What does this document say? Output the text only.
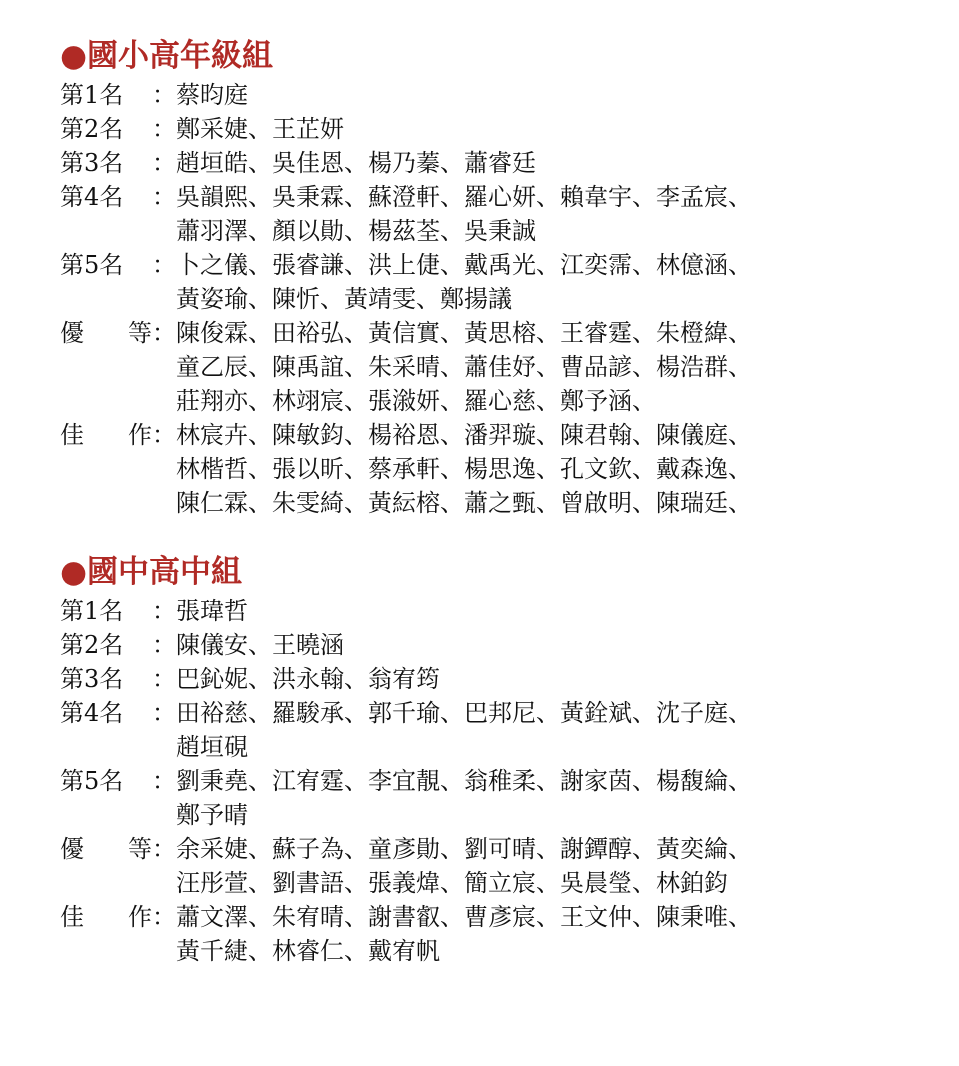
●國小高年級組
第1名 ： 蔡昀庭
第2名 ： 鄭采婕、王芷妍
第3名 ： 趙垣皓、吳佳恩、楊乃蓁、蕭睿廷
第4名 ： 吳韻熙、吳秉霖、蘇澄軒、羅心妍、賴韋宇、李孟宸、
蕭羽澤、顏以勛、楊茲荃、吳秉誠
第5名 ： 卜之儀、張睿謙、洪上倢、戴禹光、江奕霈、林億涵、
黃姿瑜、陳忻、黃靖雯、鄭揚議
優 等 ： 陳俊霖、田裕弘、黃信實、黃思榕、王睿霆、朱橙緯、
童乙辰、陳禹誼、朱采晴、蕭佳妤、曹品諺、楊浩群、
莊翔亦、林翊宸、張潊妍、羅心慈、鄭予涵、
佳 作 ： 林宸卉、陳敏鈞、楊裕恩、潘羿璇、陳君翰、陳儀庭、
林楷哲、張以昕、蔡承軒、楊思逸、孔文欽、戴森逸、
陳仁霖、朱雯綺、黃紜榕、蕭之甄、曾啟明、陳瑞廷、
●國中高中組
第1名 ： 張瑋哲
第2名 ： 陳儀安、王曉涵
第3名 ： 巴鈊妮、洪永翰、翁宥筠
第4名 ： 田裕慈、羅駿承、郭千瑜、巴邦尼、黃銓斌、沈子庭、
趙垣硯
第5名 ： 劉秉堯、江宥霆、李宜靚、翁稚柔、謝家茵、楊馥綸、
鄭予晴
優 等 ： 余采婕、蘇子為、童彥勛、劉可晴、謝鐔醇、黃奕綸、
汪彤萱、劉書語、張義煒、簡立宸、吳晨瑩、林鉑鈞
佳 作 ： 蕭文澤、朱宥晴、謝書叡、曹彥宸、王文仲、陳秉唯、
黃千緁、林睿仁、戴宥帆
